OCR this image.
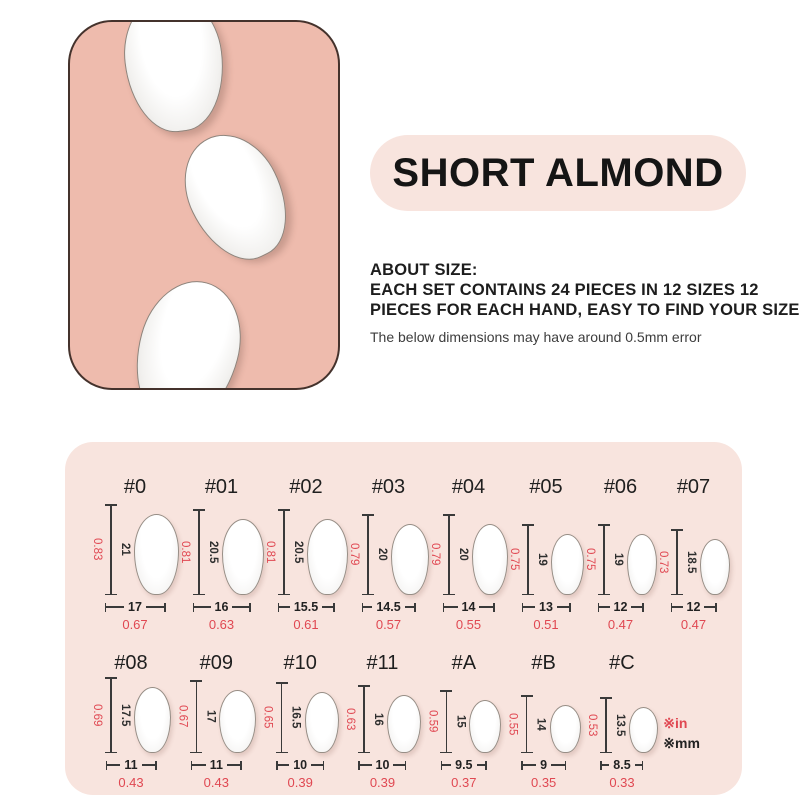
SHORT ALMOND
ABOUT SIZE:
EACH SET CONTAINS 24 PIECES IN 12 SIZES 12
PIECES FOR EACH HAND, EASY TO FIND YOUR SIZE
The below dimensions may have around 0.5mm error
#0
0.83 21
17
0.67
#01
0.81 20.5
16
0.63
#02
0.81 20.5
15.5
0.61
#03
0.79 20
14.5
0.57
#04
0.79 20
14
0.55
#05
0.75 19
13
0.51
#06
0.75 19
12
0.47
#07
0.73 18.5
12
0.47
#08
0.69 17.5
11
0.43
#09
0.67 17
11
0.43
#10
0.65 16.5
10
0.39
#11
0.63 16
10
0.39
#A
0.59 15
9.5
0.37
#B
0.55 14
9
0.35
#C
0.53 13.5
8.5
0.33
※in
※mm
